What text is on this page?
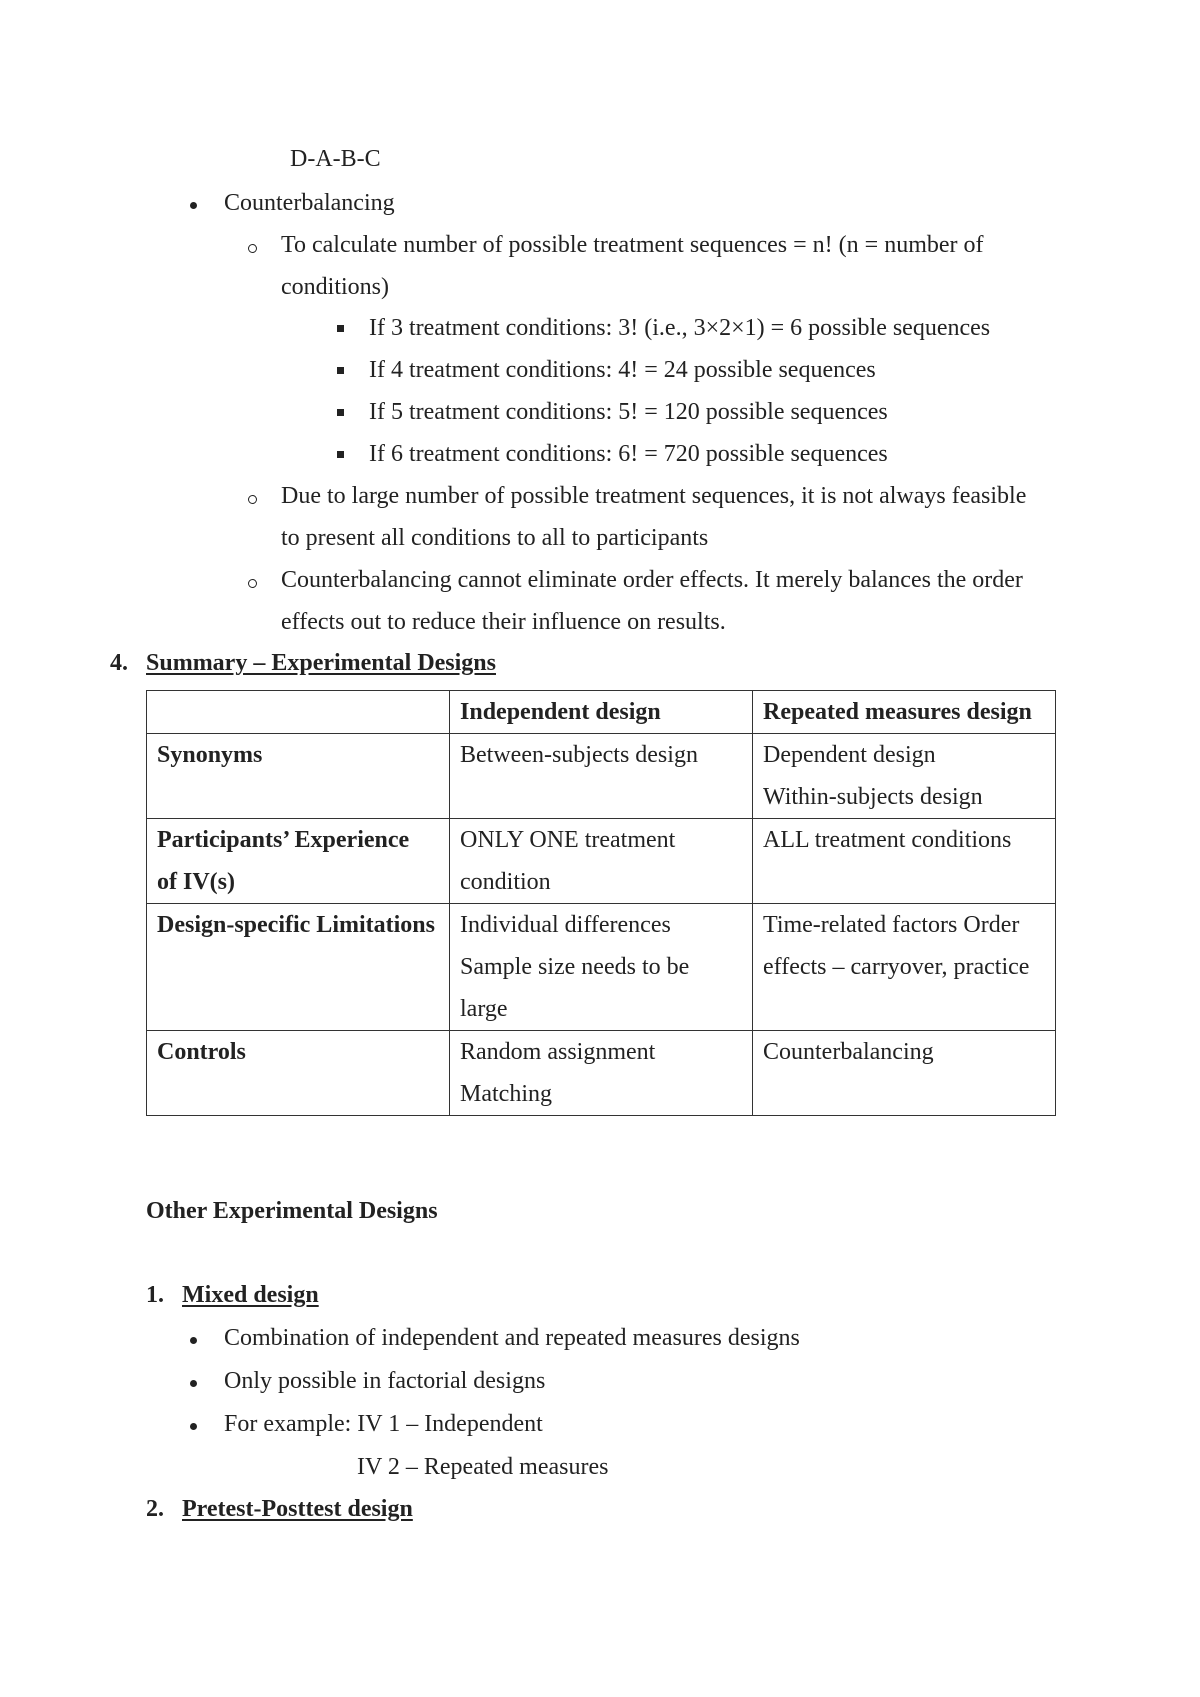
D-A-B-C
Counterbalancing
To calculate number of possible treatment sequences = n! (n = number of
conditions)
If 3 treatment conditions: 3! (i.e., 3×2×1) = 6 possible sequences
If 4 treatment conditions: 4! = 24 possible sequences
If 5 treatment conditions: 5! = 120 possible sequences
If 6 treatment conditions: 6! = 720 possible sequences
Due to large number of possible treatment sequences, it is not always feasible
to present all conditions to all to participants
Counterbalancing cannot eliminate order effects. It merely balances the order
effects out to reduce their influence on results.
4. Summary – Experimental Designs
	Independent design	Repeated measures design

Synonyms	Between-subjects design	Dependent design
Within-subjects design

Participants’ Experience
of IV(s)	ONLY ONE treatment
condition	ALL treatment conditions

Design-specific Limitations	Individual differences
Sample size needs to be
large	Time-related factors Order
effects – carryover, practice

Controls	Random assignment
Matching	Counterbalancing
Other Experimental Designs
1. Mixed design
Combination of independent and repeated measures designs
Only possible in factorial designs
For example: IV 1 – Independent
IV 2 – Repeated measures
2. Pretest-Posttest design
